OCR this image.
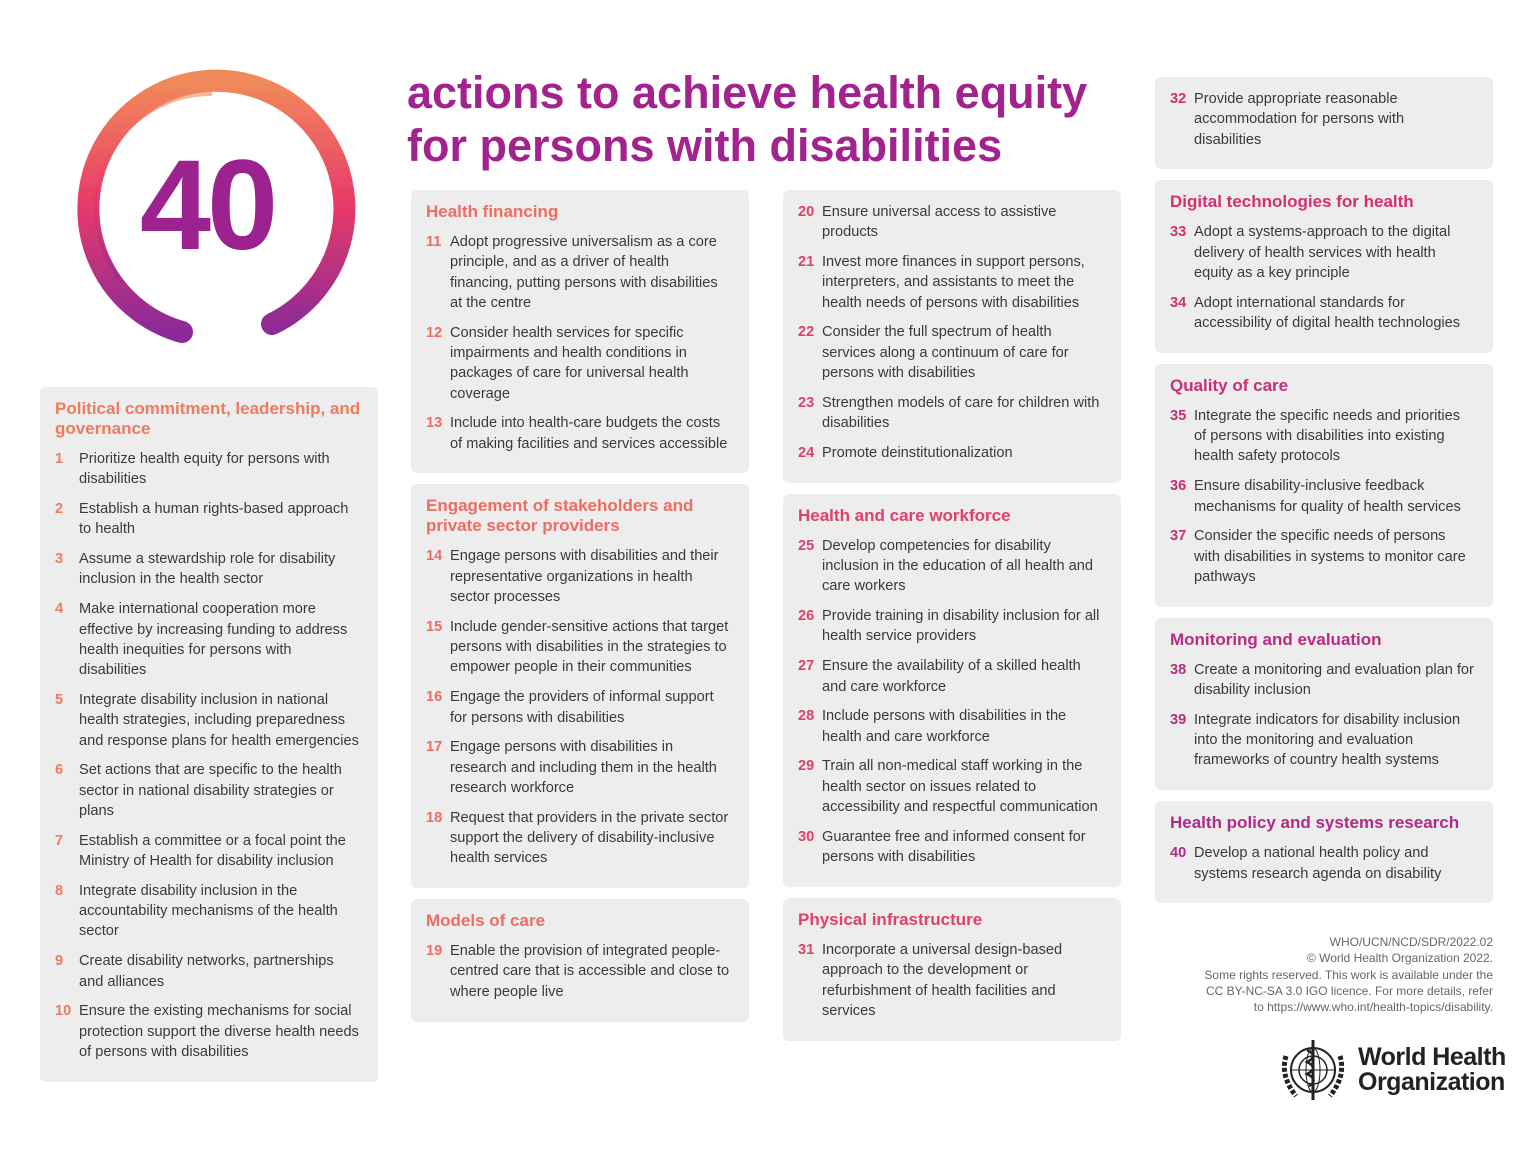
40
actions to achieve health equity
for persons with disabilities
Political commitment, leadership, and governance
1	Prioritize health equity for persons with disabilities
2	Establish a human rights-based approach to health
3	Assume a stewardship role for disability inclusion in the health sector
4	Make international cooperation more effective by increasing funding to address health inequities for persons with disabilities
5	Integrate disability inclusion in national health strategies, including preparedness and response plans for health emergencies
6	Set actions that are specific to the health sector in national disability strategies or plans
7	Establish a committee or a focal point the Ministry of Health for disability inclusion
8	Integrate disability inclusion in the accountability mechanisms of the health sector
9	Create disability networks, partnerships and alliances
10 Ensure the existing mechanisms for social protection support the diverse health needs of persons with disabilities
Health financing
11 Adopt progressive universalism as a core principle, and as a driver of health financing, putting persons with disabilities at the centre
12 Consider health services for specific impairments and health conditions in packages of care for universal health coverage
13 Include into health-care budgets the costs of making facilities and services accessible
Engagement of stakeholders and private sector providers
14 Engage persons with disabilities and their representative organizations in health sector processes
15 Include gender-sensitive actions that target persons with disabilities in the strategies to empower people in their communities
16 Engage the providers of informal support for persons with disabilities
17 Engage persons with disabilities in research and including them in the health research workforce
18 Request that providers in the private sector support the delivery of disability-inclusive health services
Models of care
19 Enable the provision of integrated people-centred care that is accessible and close to where people live
20 Ensure universal access to assistive products
21 Invest more finances in support persons, interpreters, and assistants to meet the health needs of persons with disabilities
22 Consider the full spectrum of health services along a continuum of care for persons with disabilities
23 Strengthen models of care for children with disabilities
24 Promote deinstitutionalization
Health and care workforce
25 Develop competencies for disability inclusion in the education of all health and care workers
26 Provide training in disability inclusion for all health service providers
27 Ensure the availability of a skilled health and care workforce
28 Include persons with disabilities in the health and care workforce
29 Train all non-medical staff working in the health sector on issues related to accessibility and respectful communication
30 Guarantee free and informed consent for persons with disabilities
Physical infrastructure
31 Incorporate a universal design-based approach to the development or refurbishment of health facilities and services
32 Provide appropriate reasonable accommodation for persons with disabilities
Digital technologies for health
33 Adopt a systems-approach to the digital delivery of health services with health equity as a key principle
34 Adopt international standards for accessibility of digital health technologies
Quality of care
35 Integrate the specific needs and priorities of persons with disabilities into existing health safety protocols
36 Ensure disability-inclusive feedback mechanisms for quality of health services
37 Consider the specific needs of persons with disabilities in systems to monitor care pathways
Monitoring and evaluation
38 Create a monitoring and evaluation plan for disability inclusion
39 Integrate indicators for disability inclusion into the monitoring and evaluation frameworks of country health systems
Health policy and systems research
40 Develop a national health policy and systems research agenda on disability
WHO/UCN/NCD/SDR/2022.02
© World Health Organization 2022.
Some rights reserved. This work is available under the
CC BY-NC-SA 3.0 IGO licence. For more details, refer
to https://www.who.int/health-topics/disability.
World Health
Organization
